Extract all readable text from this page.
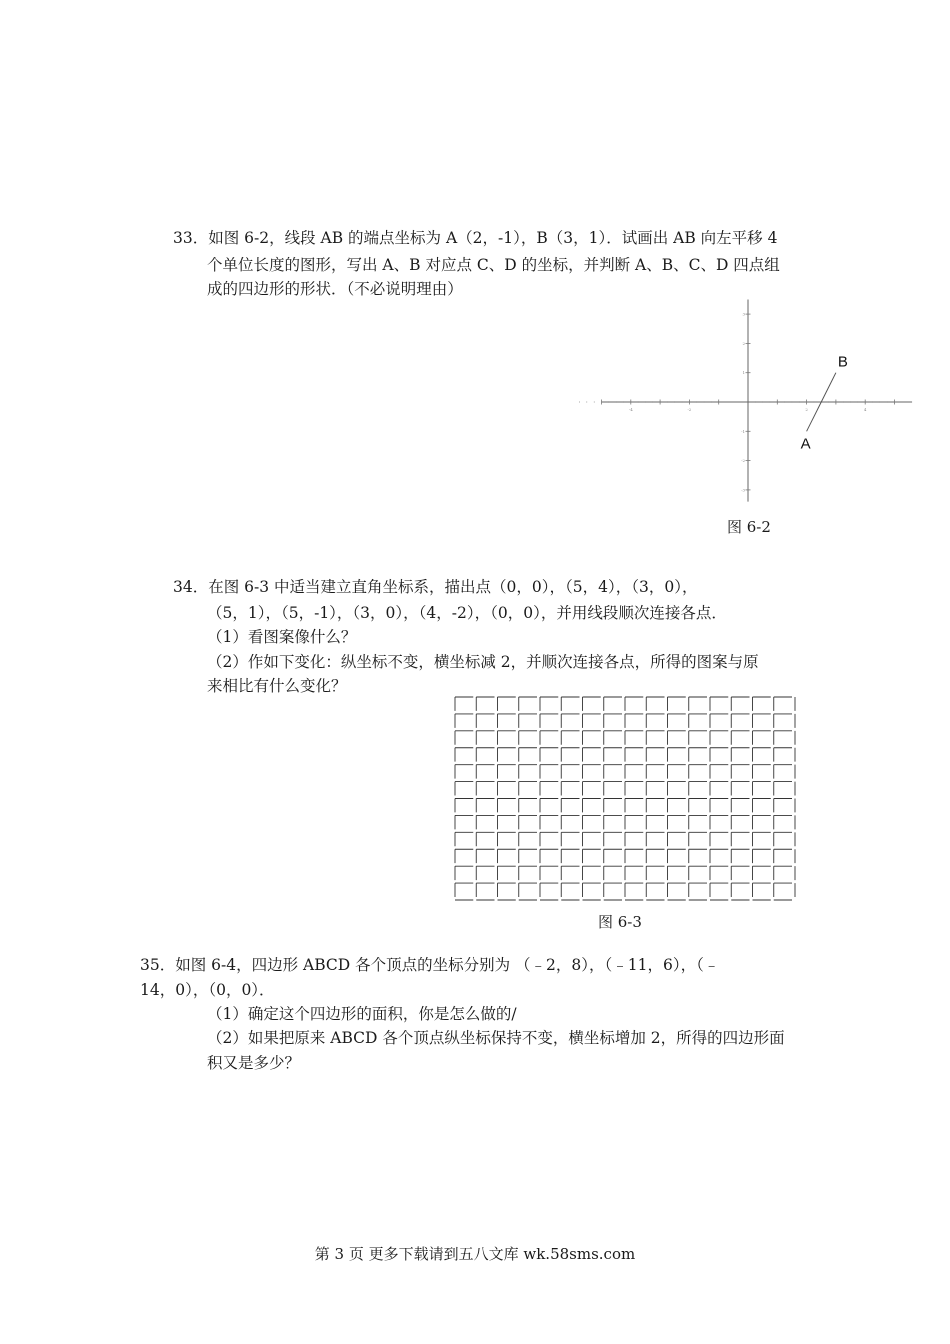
33．如图 6-2，线段 AB 的端点坐标为 A（2，-1），B（3，1）．试画出 AB 向左平移 4
个单位长度的图形，写出 A、B 对应点 C、D 的坐标，并判断 A、B、C、D 四点组
成的四边形的形状．（不必说明理由）
-4	-2	2	4
3
2
1
-1
-2
-3
A
B
图 6-2
34．在图 6-3 中适当建立直角坐标系，描出点（0，0），（5，4），（3，0），
（5，1），（5，-1），（3，0），（4，-2），（0，0），并用线段顺次连接各点．
（1）看图案像什么？
（2）作如下变化：纵坐标不变，横坐标减 2，并顺次连接各点，所得的图案与原
来相比有什么变化？
图 6-3
35．如图 6-4，四边形 ABCD 各个顶点的坐标分别为 （﹣2，8），（﹣11，6），（﹣
14，0），（0，0）．
（1）确定这个四边形的面积，你是怎么做的/
（2）如果把原来 ABCD 各个顶点纵坐标保持不变，横坐标增加 2，所得的四边形面
积又是多少？
第 3 页 更多下载请到五八文库 wk.58sms.com
